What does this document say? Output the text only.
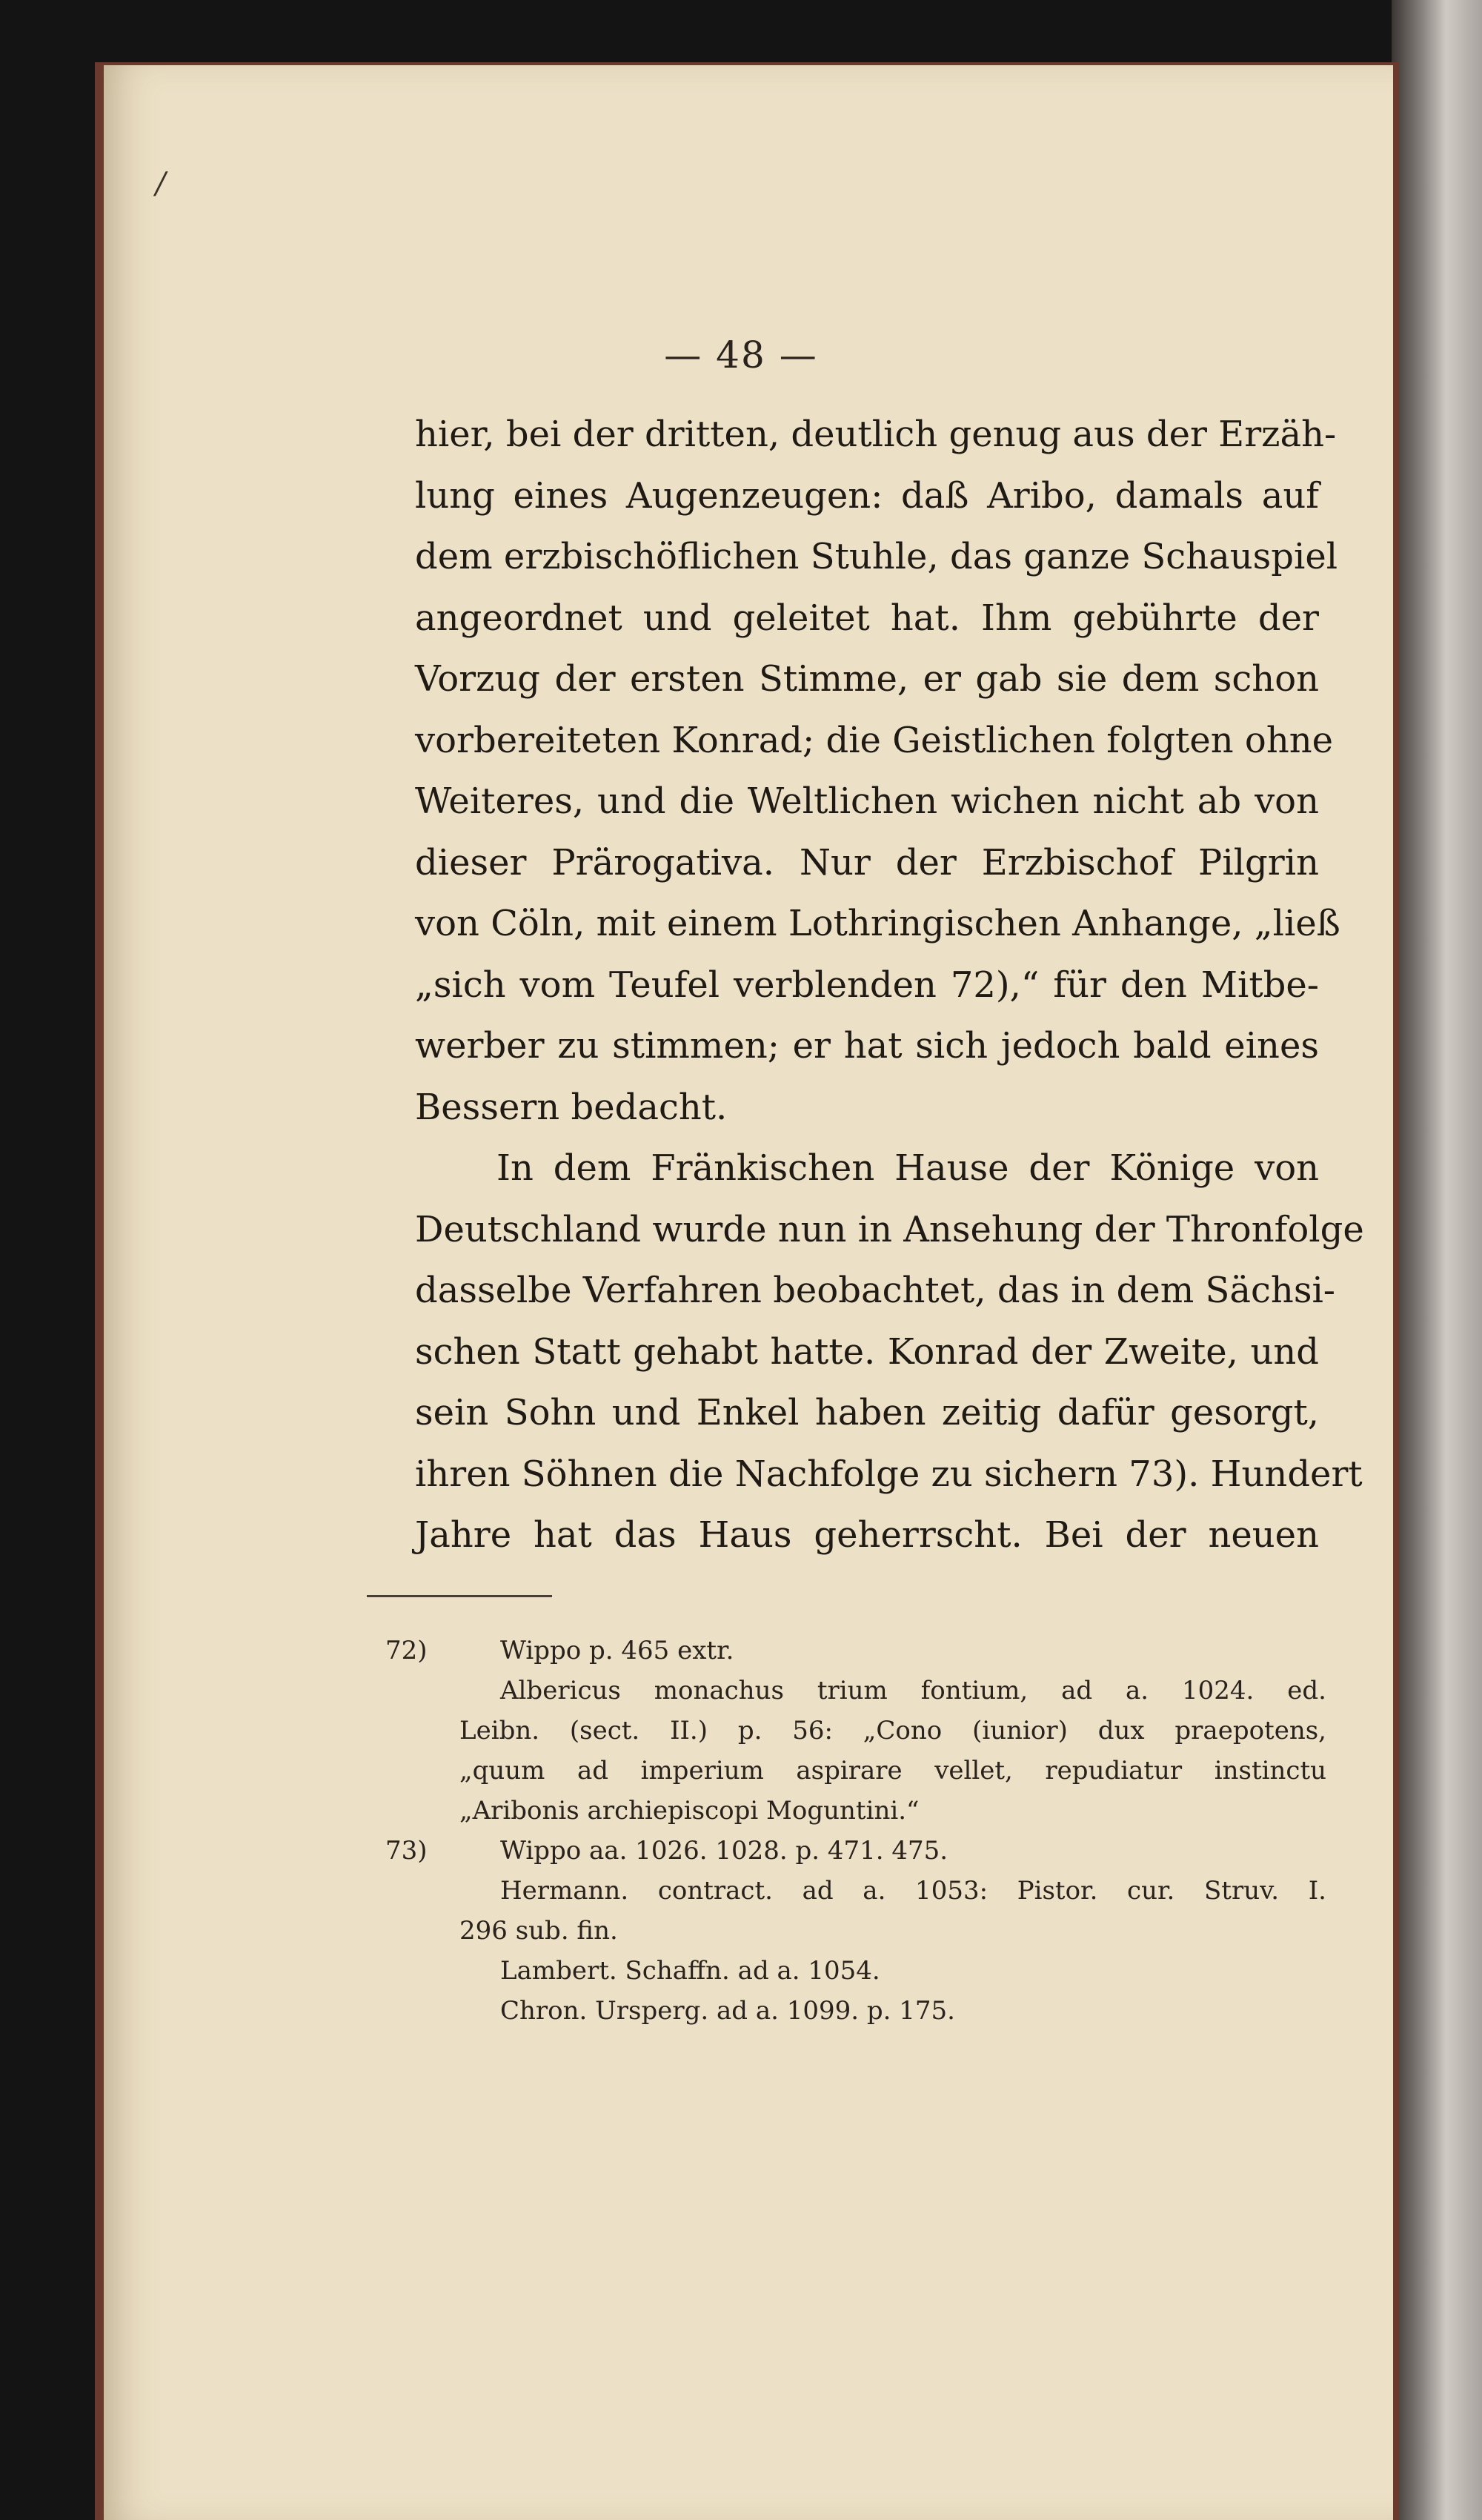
/
— 48 —
hier, bei der dritten, deutlich genug aus der Erzäh-
lung eines Augenzeugen: daß Aribo, damals auf
dem erzbischöflichen Stuhle, das ganze Schauspiel
angeordnet und geleitet hat. Ihm gebührte der
Vorzug der ersten Stimme, er gab sie dem schon
vorbereiteten Konrad; die Geistlichen folgten ohne
Weiteres, und die Weltlichen wichen nicht ab von
dieser Prärogativa. Nur der Erzbischof Pilgrin
von Cöln, mit einem Lothringischen Anhange, „ließ
„sich vom Teufel verblenden 72),“ für den Mitbe-
werber zu stimmen; er hat sich jedoch bald eines
Bessern bedacht.
In dem Fränkischen Hause der Könige von
Deutschland wurde nun in Ansehung der Thronfolge
dasselbe Verfahren beobachtet, das in dem Sächsi-
schen Statt gehabt hatte. Konrad der Zweite, und
sein Sohn und Enkel haben zeitig dafür gesorgt,
ihren Söhnen die Nachfolge zu sichern 73). Hundert
Jahre hat das Haus geherrscht. Bei der neuen
72)	Wippo p. 465 extr.
Albericus monachus trium fontium, ad a. 1024. ed.
Leibn. (sect. II.) p. 56: „Cono (iunior) dux praepotens,
„quum ad imperium aspirare vellet, repudiatur instinctu
„Aribonis archiepiscopi Moguntini.“
73)	Wippo aa. 1026. 1028. p. 471. 475.
Hermann. contract. ad a. 1053: Pistor. cur. Struv. I.
296 sub. fin.
Lambert. Schaffn. ad a. 1054.
Chron. Ursperg. ad a. 1099. p. 175.
